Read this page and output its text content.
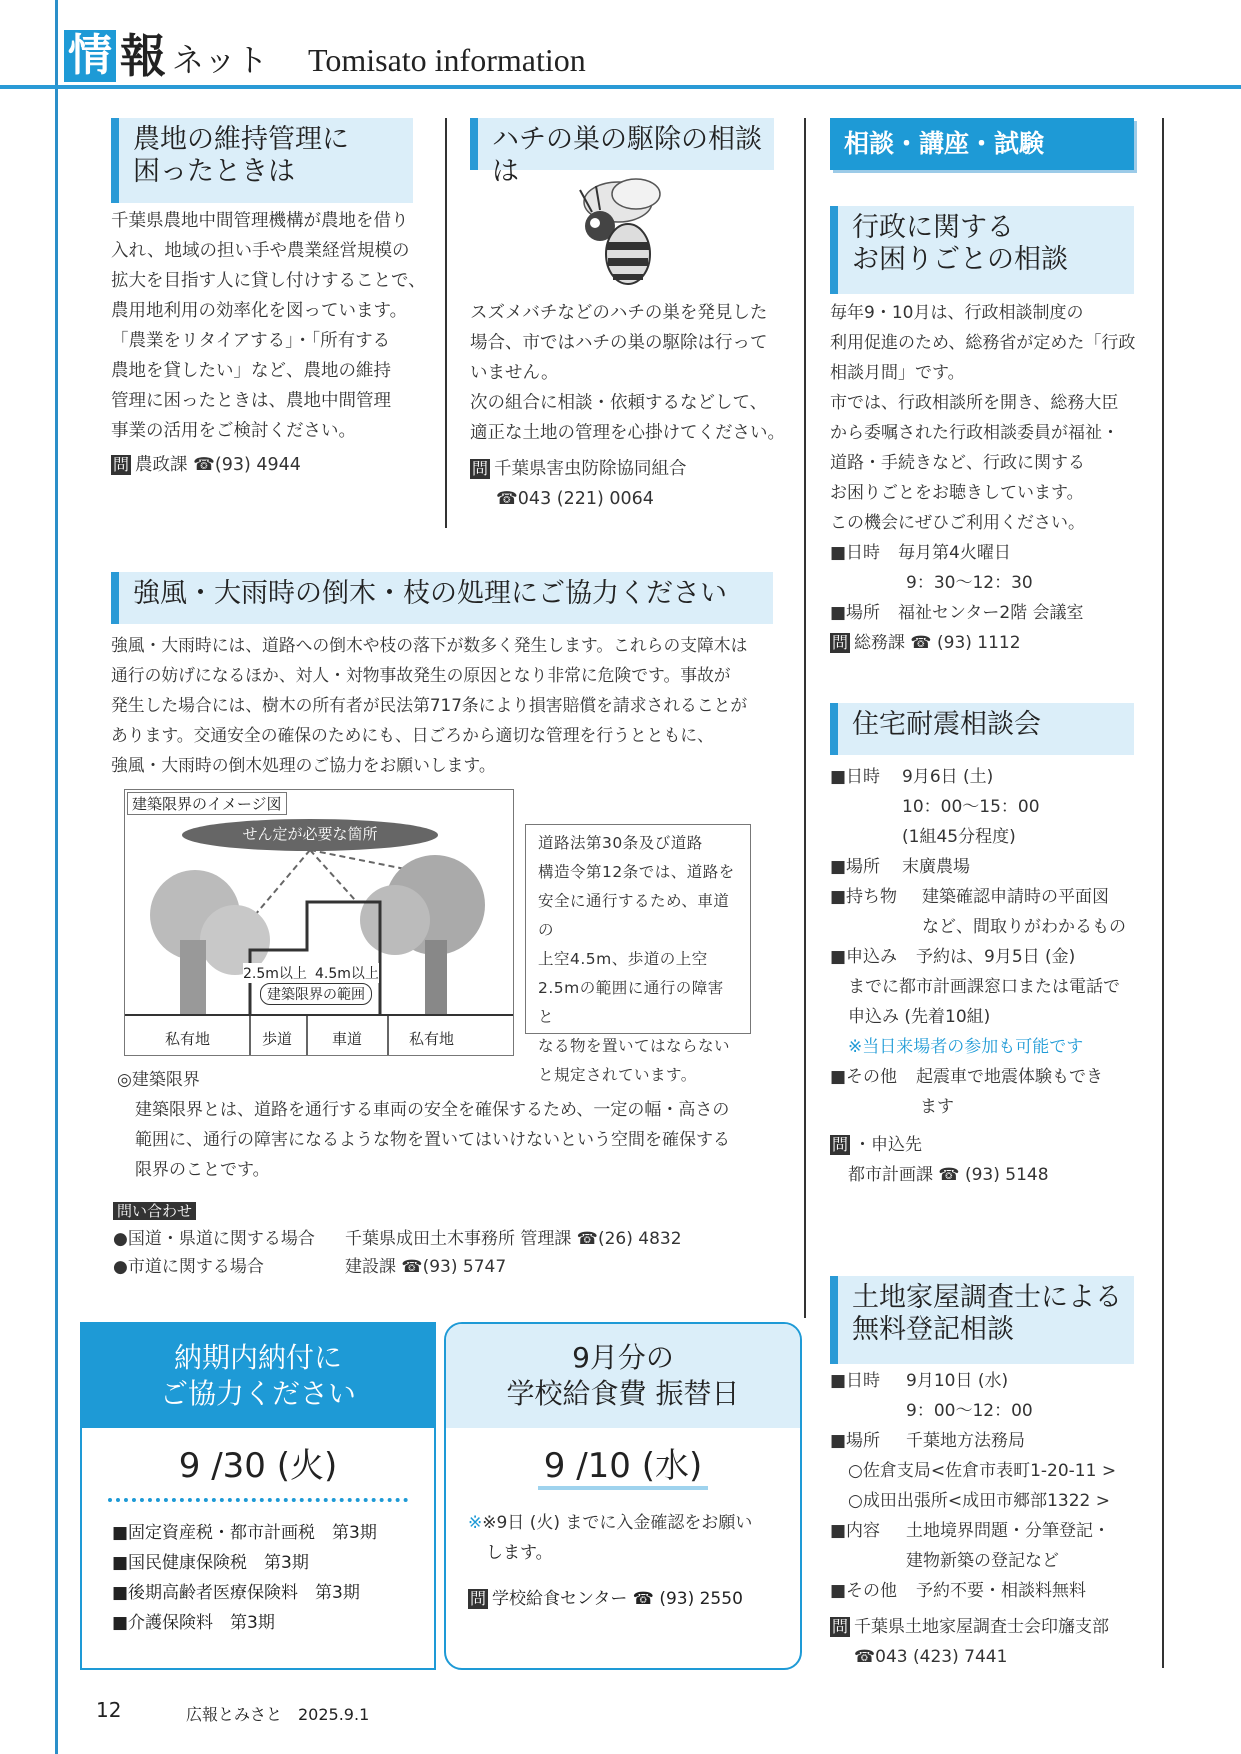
情 報 ネット Tomisato information
農地の維持管理に
困ったときは

千葉県農地中間管理機構が農地を借り

入れ、地域の担い手や農業経営規模の

拡大を目指す人に貸し付けすることで、

農用地利用の効率化を図っています。

「農業をリタイアする」・「所有する

農地を貸したい」など、農地の維持

管理に困ったときは、農地中間管理

事業の活用をご検討ください。

問 農政課 ☎(93) 4944

ハチの巣の駆除の相談は

スズメバチなどのハチの巣を発見した

場合、市ではハチの巣の駆除は行って

いません。

次の組合に相談・依頼するなどして、

適正な土地の管理を心掛けてください。

問 千葉県害虫防除協同組合

☎043 (221) 0064

相談・講座・試験
行政に関する
お困りごとの相談

毎年9・10月は、行政相談制度の

利用促進のため、総務省が定めた「行政

相談月間」です。

市では、行政相談所を開き、総務大臣

から委嘱された行政相談委員が福祉・

道路・手続きなど、行政に関する

お困りごとをお聴きしています。

この機会にぜひご利用ください。

■日時 毎月第4火曜日

9：30～12：30

■場所 福祉センター2階 会議室

問 総務課 ☎ (93) 1112

住宅耐震相談会

■日時 9月6日 (土)

10：00～15：00

(1組45分程度)

■場所 末廣農場

■持ち物 建築確認申請時の平面図

など、間取りがわかるもの

■申込み 予約は、9月5日 (金)

までに都市計画課窓口または電話で

申込み (先着10組)

※当日来場者の参加も可能です

■その他 起震車で地震体験もでき

ます

問 ・申込先

都市計画課 ☎ (93) 5148

土地家屋調査士による
無料登記相談

■日時 9月10日 (水)

9：00～12：00

■場所 千葉地方法務局

○佐倉支局<佐倉市表町1-20-11 >

○成田出張所<成田市郷部1322 >

■内容 土地境界問題・分筆登記・

建物新築の登記など

■その他 予約不要・相談料無料

問 千葉県土地家屋調査士会印旛支部

☎043 (423) 7441

強風・大雨時の倒木・枝の処理にご協力ください

強風・大雨時には、道路への倒木や枝の落下が数多く発生します。これらの支障木は

通行の妨げになるほか、対人・対物事故発生の原因となり非常に危険です。事故が

発生した場合には、樹木の所有者が民法第717条により損害賠償を請求されることが

あります。交通安全の確保のためにも、日ごろから適切な管理を行うとともに、

強風・大雨時の倒木処理のご協力をお願いします。

建築限界のイメージ図
せん定が必要な箇所
2.5m以上 4.5m以上
建築限界の範囲
私有地	歩道	車道	私有地
道路法第30条及び道路
構造令第12条では、道路を
安全に通行するため、車道の
上空4.5m、歩道の上空
2.5mの範囲に通行の障害と
なる物を置いてはならない
と規定されています。

◎建築限界

建築限界とは、道路を通行する車両の安全を確保するため、一定の幅・高さの

範囲に、通行の障害になるような物を置いてはいけないという空間を確保する

限界のことです。

問い合わせ

●国道・県道に関する場合 千葉県成田土木事務所 管理課 ☎(26) 4832

●市道に関する場合	建設課 ☎(93) 5747

納期内納付に
ご協力ください
9 /30 (火)
■固定資産税・都市計画税　第3期
■国民健康保険税　第3期
■後期高齢者医療保険料　第3期
■介護保険料　第3期
9月分の
学校給食費 振替日
9 /10 (水)
※※9日 (火) までに入金確認をお願い
します。
問 学校給食センター ☎ (93) 2550
12	広報とみさと　2025.9.1
